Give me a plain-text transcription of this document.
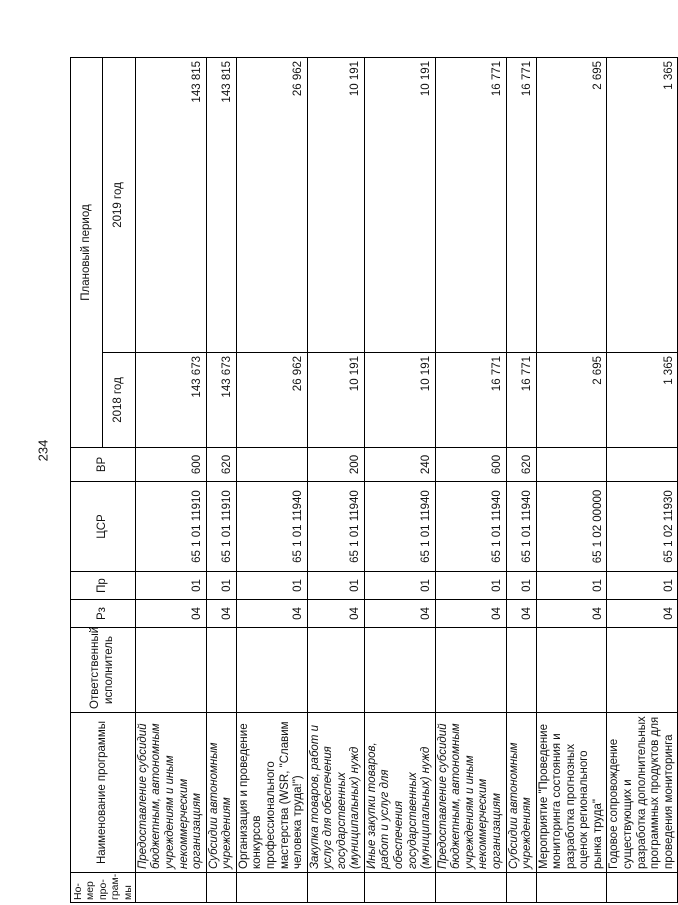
234
Но-мер про-грам-мы	Наименование программы	Ответственный исполнитель	Рз	Пр	ЦСР	ВР	Плановый период	
							2018 год	2019 год
	Предоставление субсидий бюджетным, автономным учреждениям и иным некоммерческим организациям		04	01	65 1 01 11910	600	143 673	143 815
	Субсидии автономным учреждениям		04	01	65 1 01 11910	620	143 673	143 815
	Организация и проведение конкурсов профессионального мастерства (WSR, "Славим человека труда!")		04	01	65 1 01 11940		26 962	26 962
	Закупка товаров, работ и услуг для обеспечения государственных (муниципальных) нужд		04	01	65 1 01 11940	200	10 191	10 191
	Иные закупки товаров, работ и услуг для обеспечения государственных (муниципальных) нужд		04	01	65 1 01 11940	240	10 191	10 191
	Предоставление субсидий бюджетным, автономным учреждениям и иным некоммерческим организациям		04	01	65 1 01 11940	600	16 771	16 771
	Субсидии автономным учреждениям		04	01	65 1 01 11940	620	16 771	16 771
	Мероприятие "Проведение мониторинга состояния и разработка прогнозных оценок регионального рынка труда"		04	01	65 1 02 00000		2 695	2 695
	Годовое сопровождение существующих и разработка дополнительных программных продуктов для проведения мониторинга		04	01	65 1 02 11930		1 365	1 365
